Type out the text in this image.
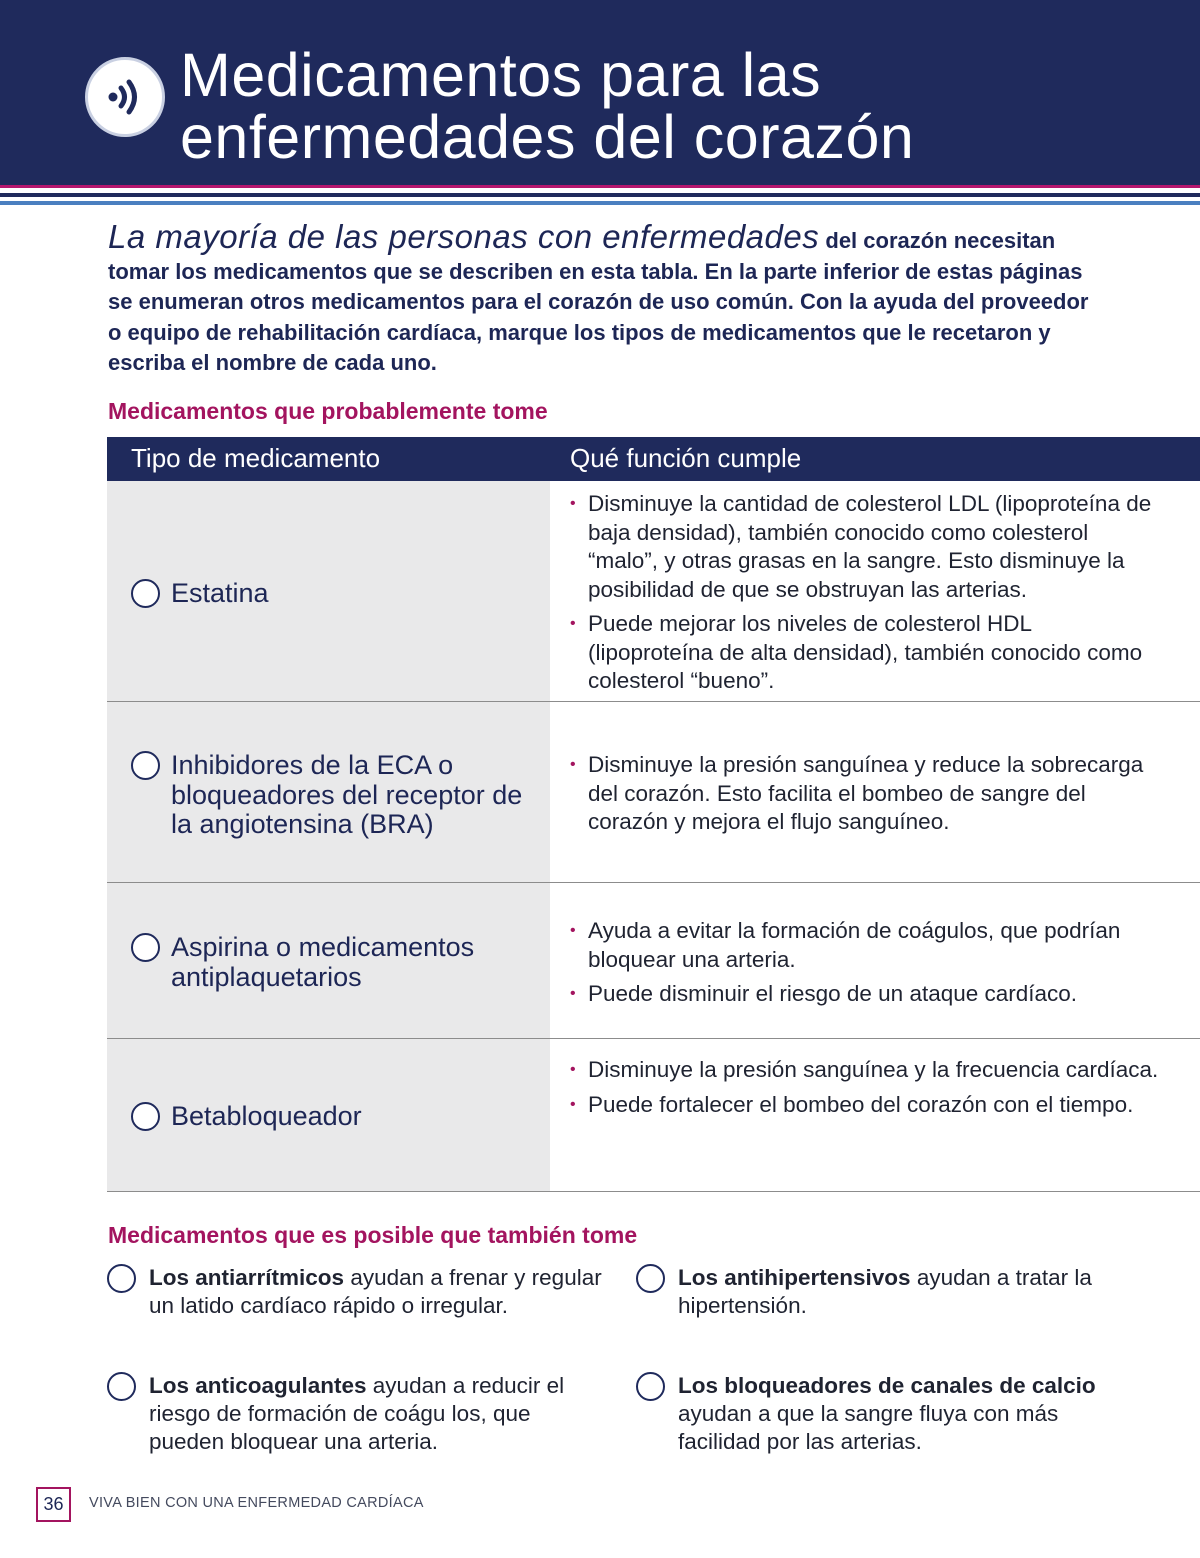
Medicamentos para las
enfermedades del corazón

La mayoría de las personas con enfermedades del corazón necesitan tomar los medicamentos que se describen en esta tabla. En la parte inferior de estas páginas se enumeran otros medicamentos para el corazón de uso común. Con la ayuda del proveedor o equipo de rehabilitación cardíaca, marque los tipos de medicamentos que le recetaron y escriba el nombre de cada uno.

Medicamentos que probablemente tome
Tipo de medicamento	Qué función cumple
Estatina
• Disminuye la cantidad de colesterol LDL (lipoproteína de baja densidad), también conocido como colesterol “malo”, y otras grasas en la sangre. Esto disminuye la posibilidad de que se obstruyan las arterias.
• Puede mejorar los niveles de colesterol HDL (lipoproteína de alta densidad), también conocido como colesterol “bueno”.
Inhibidores de la ECA o bloqueadores del receptor de la angiotensina (BRA)
• Disminuye la presión sanguínea y reduce la sobrecarga del corazón. Esto facilita el bombeo de sangre del corazón y mejora el flujo sanguíneo.
Aspirina o medicamentos antiplaquetarios
• Ayuda a evitar la formación de coágulos, que podrían bloquear una arteria.
• Puede disminuir el riesgo de un ataque cardíaco.
Betabloqueador
• Disminuye la presión sanguínea y la frecuencia cardíaca.
• Puede fortalecer el bombeo del corazón con el tiempo.
Medicamentos que es posible que también tome
Los antiarrítmicos ayudan a frenar y regular un latido cardíaco rápido o irregular.
Los antihipertensivos ayudan a tratar la hipertensión.
Los anticoagulantes ayudan a reducir el riesgo de formación de coágu los, que pueden bloquear una arteria.
Los bloqueadores de canales de calcio ayudan a que la sangre fluya con más facilidad por las arterias.
36	VIVA BIEN CON UNA ENFERMEDAD CARDÍACA
